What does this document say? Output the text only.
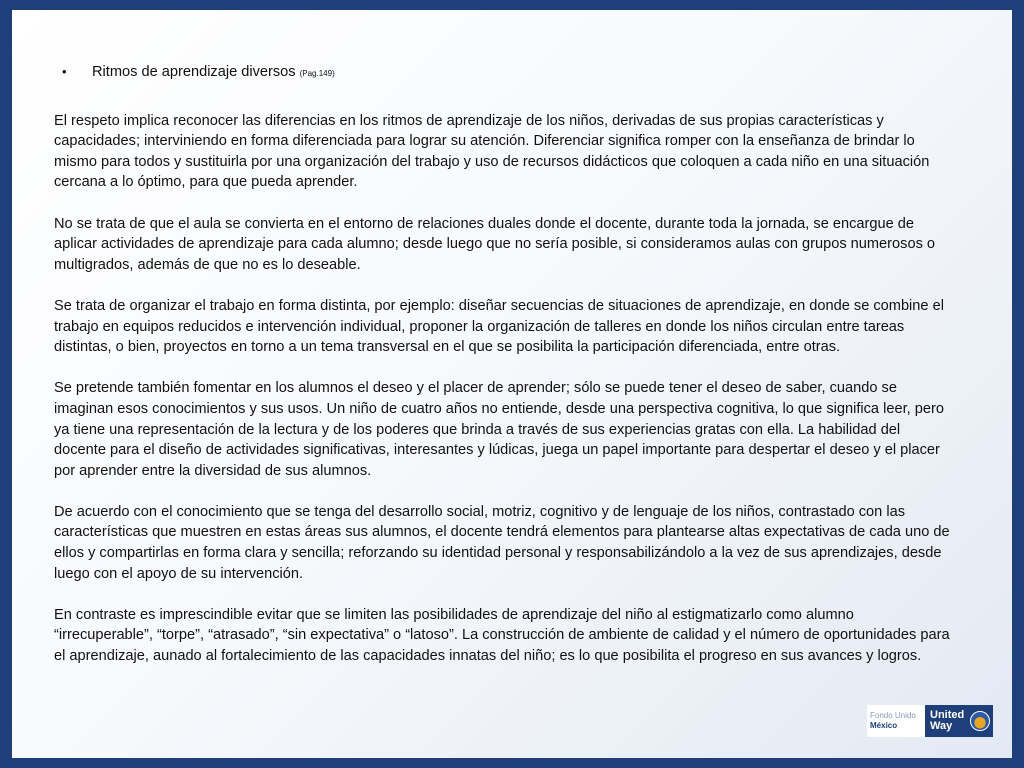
•	Ritmos de aprendizaje diversos (Pag.149)

El respeto implica reconocer las diferencias en los ritmos de aprendizaje de los niños, derivadas de sus propias características y capacidades; interviniendo en forma diferenciada para lograr su atención. Diferenciar significa romper con la enseñanza de brindar lo mismo para todos y sustituirla por una organización del trabajo y uso de recursos didácticos que coloquen a cada niño en una situación cercana a lo óptimo, para que pueda aprender.

No se trata de que el aula se convierta en el entorno de relaciones duales donde el docente, durante toda la jornada, se encargue de aplicar actividades de aprendizaje para cada alumno; desde luego que no sería posible, si consideramos aulas con grupos numerosos o multigrados, además de que no es lo deseable.

Se trata de organizar el trabajo en forma distinta, por ejemplo: diseñar secuencias de situaciones de aprendizaje, en donde se combine el trabajo en equipos reducidos e intervención individual, proponer la organización de talleres en donde los niños circulan entre tareas distintas, o bien, proyectos en torno a un tema transversal en el que se posibilita la participación diferenciada, entre otras.

Se pretende también fomentar en los alumnos el deseo y el placer de aprender; sólo se puede tener el deseo de saber, cuando se imaginan esos conocimientos y sus usos. Un niño de cuatro años no entiende, desde una perspectiva cognitiva, lo que significa leer, pero ya tiene una representación de la lectura y de los poderes que brinda a través de sus experiencias gratas con ella. La habilidad del docente para el diseño de actividades significativas, interesantes y lúdicas, juega un papel importante para despertar el deseo y el placer por aprender entre la diversidad de sus alumnos.

De acuerdo con el conocimiento que se tenga del desarrollo social, motriz, cognitivo y de lenguaje de los niños, contrastado con las características que muestren en estas áreas sus alumnos, el docente tendrá elementos para plantearse altas expectativas de cada uno de ellos y compartirlas en forma clara y sencilla; reforzando su identidad personal y responsabilizándolo a la vez de sus aprendizajes, desde luego con el apoyo de su intervención.

En contraste es imprescindible evitar que se limiten las posibilidades de aprendizaje del niño al estigmatizarlo como alumno “irrecuperable”, “torpe”, “atrasado”, “sin expectativa” o “latoso”. La construcción de ambiente de calidad y el número de oportunidades para el aprendizaje, aunado al fortalecimiento de las capacidades innatas del niño; es lo que posibilita el progreso en sus avances y logros.

Fondo Unido
México
United
Way
